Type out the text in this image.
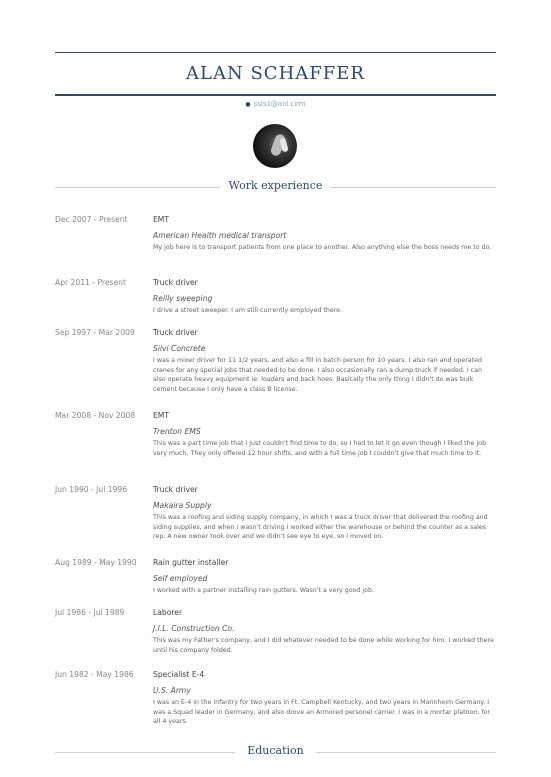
ALAN SCHAFFER
● ssls1@aol.com
Work experience
Dec 2007 - Present	EMT
American Health medical transport
My job here is to transport patients from one place to another. Also anything else the boss needs me to do.
Apr 2011 - Present	Truck driver
Reilly sweeping
I drive a street sweeper. I am still currently employed there.
Sep 1997 - Mar 2009	Truck driver
Silvi Concrete
I was a mixer driver for 11 1/2 years, and also a fill in batch person for 10 years. I also ran and operated cranes for any special jobs that needed to be done. I also occasionally ran a dump truck if needed. I can also operate heavy equipment ie: loaders and back hoes. Basically the only thing I didn't do was bulk cement because I only have a class B license.
Mar 2008 - Nov 2008	EMT
Trenton EMS
This was a part time job that i just couldn't find time to do, so I had to let it go even though I liked the job very much. They only offered 12 hour shifts, and with a full time job I couldn't give that much time to it.
Jun 1990 - Jul 1996	Truck driver
Makaira Supply
This was a roofing and siding supply company, in which I was a truck driver that delivered the roofing and siding supplies, and when i wasn't driving i worked either the warehouse or behind the counter as a sales rep. A new owner took over and we didn't see eye to eye, so i moved on.
Aug 1989 - May 1990	Rain gutter installer
Self employed
I worked with a partner installing rain gutters. Wasn't a very good job.
Jul 1986 - Jul 1989	Laborer
J.I.L. Construction Co.
This was my Father's company, and I did whatever needed to be done while working for him. I worked there until his company folded.
Jun 1982 - May 1986	Specialist E-4
U.S. Army
I was an E-4 in the infantry for two years in Ft. Campbell Kentucky, and two years in Mannheim Germany. I was a Squad leader in Germany, and also drove an Armored personel carrier. I was in a mortar platoon, for all 4 years.
Education
